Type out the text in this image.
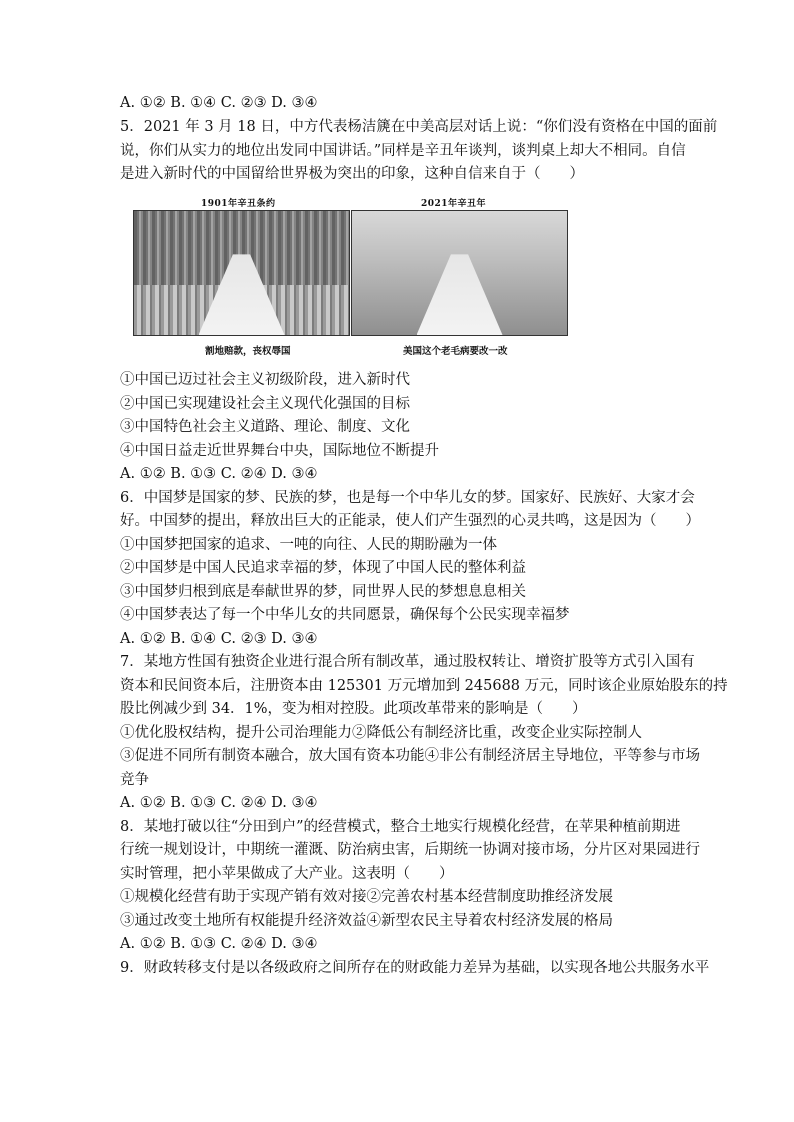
A. ①② B. ①④ C. ②③ D. ③④
5．2021 年 3 月 18 日，中方代表杨洁篪在中美高层对话上说：“你们没有资格在中国的面前
说，你们从实力的地位出发同中国讲话。”同样是辛丑年谈判，谈判桌上却大不相同。自信
是进入新时代的中国留给世界极为突出的印象，这种自信来自于（　　）
1901年辛丑条约	2021年辛丑年
割地赔款，丧权辱国	美国这个老毛病要改一改
①中国已迈过社会主义初级阶段，进入新时代
②中国已实现建设社会主义现代化强国的目标
③中国特色社会主义道路、理论、制度、文化
④中国日益走近世界舞台中央，国际地位不断提升
A. ①② B. ①③ C. ②④ D. ③④
6．中国梦是国家的梦、民族的梦，也是每一个中华儿女的梦。国家好、民族好、大家才会
好。中国梦的提出，释放出巨大的正能录，使人们产生强烈的心灵共鸣，这是因为（　　）
①中国梦把国家的追求、一吨的向往、人民的期盼融为一体
②中国梦是中国人民追求幸福的梦，体现了中国人民的整体利益
③中国梦归根到底是奉献世界的梦，同世界人民的梦想息息相关
④中国梦表达了每一个中华儿女的共同愿景，确保每个公民实现幸福梦
A. ①② B. ①④ C. ②③ D. ③④
7．某地方性国有独资企业进行混合所有制改革，通过股权转让、增资扩股等方式引入国有
资本和民间资本后，注册资本由 125301 万元增加到 245688 万元，同时该企业原始股东的持
股比例减少到 34．1%，变为相对控股。此项改革带来的影响是（　　）
①优化股权结构，提升公司治理能力②降低公有制经济比重，改变企业实际控制人
③促进不同所有制资本融合，放大国有资本功能④非公有制经济居主导地位，平等参与市场
竞争
A. ①② B. ①③ C. ②④ D. ③④
8．某地打破以往“分田到户”的经营模式，整合土地实行规模化经营，在苹果种植前期进
行统一规划设计，中期统一灌溉、防治病虫害，后期统一协调对接市场，分片区对果园进行
实时管理，把小苹果做成了大产业。这表明（　　）
①规模化经营有助于实现产销有效对接②完善农村基本经营制度助推经济发展
③通过改变土地所有权能提升经济效益④新型农民主导着农村经济发展的格局
A. ①② B. ①③ C. ②④ D. ③④
9．财政转移支付是以各级政府之间所存在的财政能力差异为基础，以实现各地公共服务水平
